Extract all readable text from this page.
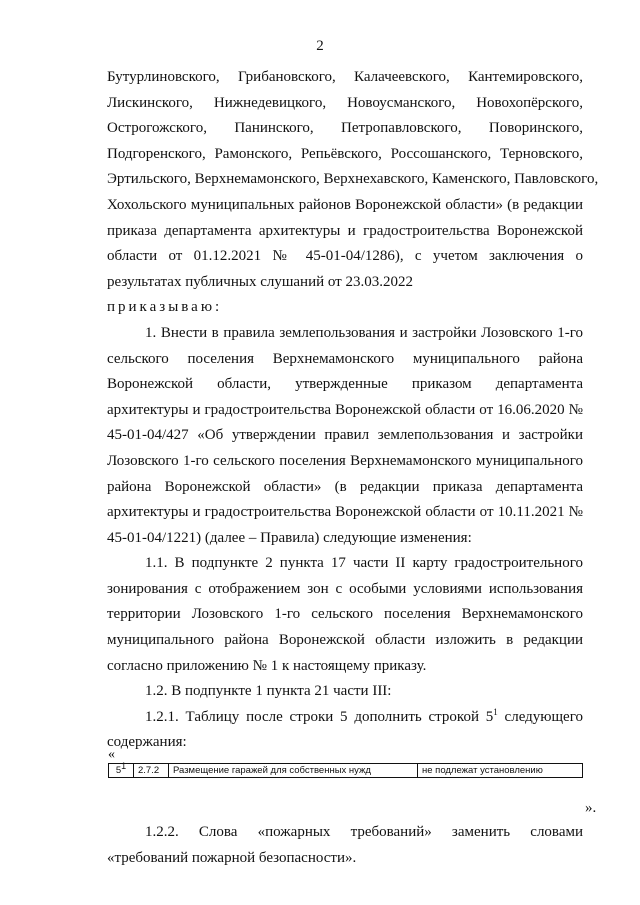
2

Бутурлиновского, Грибановского, Калачеевского, Кантемировского,

Лискинского, Нижнедевицкого, Новоусманского, Новохопёрского,

Острогожского, Панинского, Петропавловского, Поворинского,

Подгоренского, Рамонского, Репьёвского, Россошанского, Терновского,

Эртильского, Верхнемамонского, Верхнехавского, Каменского, Павловского,

Хохольского муниципальных районов Воронежской области» (в редакции приказа департамента архитектуры и градостроительства Воронежской области от 01.12.2021 № 45-01-04/1286), с учетом заключения о результатах публичных слушаний от 23.03.2022

приказываю:

1. Внести в правила землепользования и застройки Лозовского 1-го сельского поселения Верхнемамонского муниципального района Воронежской области, утвержденные приказом департамента архитектуры и градостроительства Воронежской области от 16.06.2020 № 45-01-04/427 «Об утверждении правил землепользования и застройки Лозовского 1-го сельского поселения Верхнемамонского муниципального района Воронежской области» (в редакции приказа департамента архитектуры и градостроительства Воронежской области от 10.11.2021 № 45-01-04/1221) (далее – Правила) следующие изменения:

1.1. В подпункте 2 пункта 17 части II карту градостроительного зонирования с отображением зон с особыми условиями использования территории Лозовского 1-го сельского поселения Верхнемамонского муниципального района Воронежской области изложить в редакции согласно приложению № 1 к настоящему приказу.

1.2. В подпункте 1 пункта 21 части III:

1.2.1. Таблицу после строки 5 дополнить строкой $5^1$ следующего содержания:

«
$5^1$	2.7.2	Размещение гаражей для собственных нужд	не подлежат установлению
».

1.2.2. Слова «пожарных требований» заменить словами «требований пожарной безопасности».
